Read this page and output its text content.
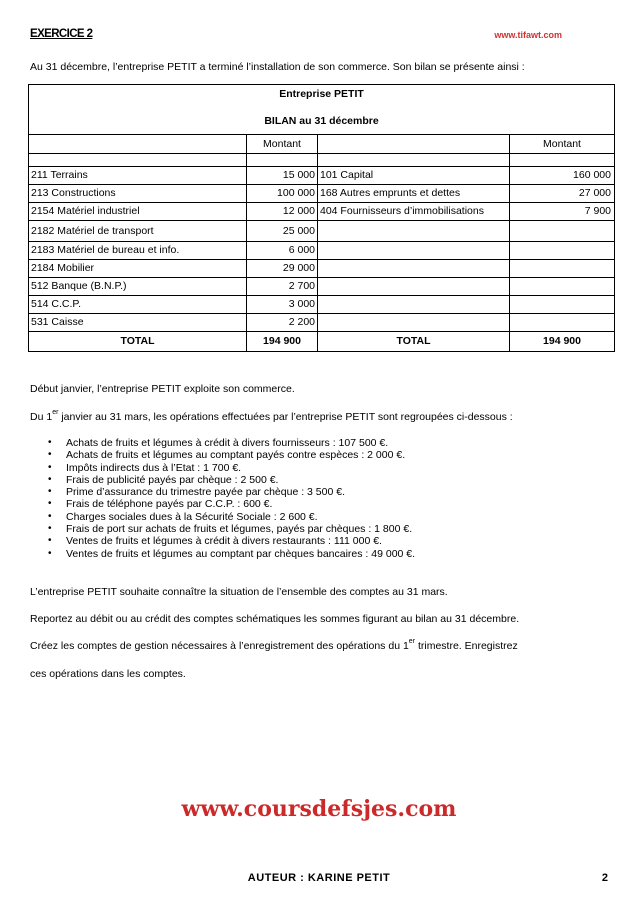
EXERCICE 2	www.tifawt.com
Au 31 décembre, l’entreprise PETIT a terminé l’installation de son commerce. Son bilan se présente ainsi :
Entreprise PETIT
BILAN au 31 décembre
Montant	Montant
211 Terrains	15 000 101 Capital	160 000
213 Constructions	100 000 168 Autres emprunts et dettes	27 000
2154 Matériel industriel	12 000 404 Fournisseurs d’immobilisations	7 900
2182 Matériel de transport	25 000
2183 Matériel de bureau et info.	6 000
2184 Mobilier	29 000
512 Banque (B.N.P.)	2 700
514 C.C.P.	3 000
531 Caisse	2 200
TOTAL	194 900	TOTAL	194 900
Début janvier, l’entreprise PETIT exploite son commerce.
Du 1er janvier au 31 mars, les opérations effectuées par l’entreprise PETIT sont regroupées ci-dessous :
• Achats de fruits et légumes à crédit à divers fournisseurs : 107 500 €.
• Achats de fruits et légumes au comptant payés contre espèces : 2 000 €.
• Impôts indirects dus à l’Etat : 1 700 €.
• Frais de publicité payés par chèque : 2 500 €.
• Prime d’assurance du trimestre payée par chèque : 3 500 €.
• Frais de téléphone payés par C.C.P. : 600 €.
• Charges sociales dues à la Sécurité Sociale : 2 600 €.
• Frais de port sur achats de fruits et légumes, payés par chèques : 1 800 €.
• Ventes de fruits et légumes à crédit à divers restaurants : 111 000 €.
• Ventes de fruits et légumes au comptant par chèques bancaires : 49 000 €.
L’entreprise PETIT souhaite connaître la situation de l’ensemble des comptes au 31 mars.
Reportez au débit ou au crédit des comptes schématiques les sommes figurant au bilan au 31 décembre.
Créez les comptes de gestion nécessaires à l’enregistrement des opérations du 1er trimestre. Enregistrez
ces opérations dans les comptes.
www.coursdefsjes.com
AUTEUR : KARINE PETIT	2
